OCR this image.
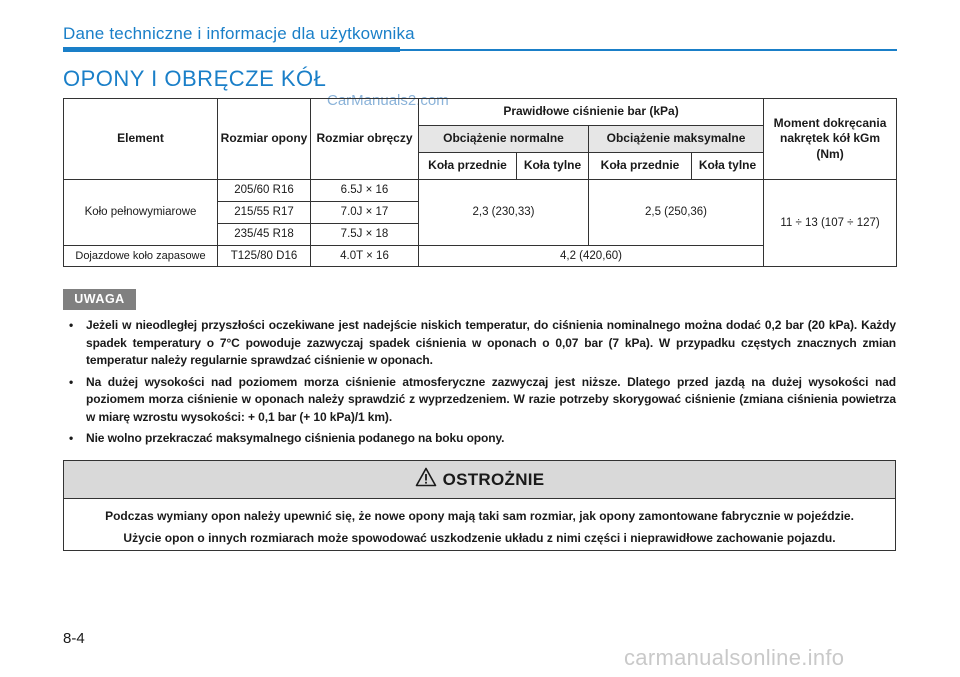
Dane techniczne i informacje dla użytkownika
OPONY I OBRĘCZE KÓŁ
CarManuals2.com
Element	Rozmiar opony	Rozmiar obręczy	Prawidłowe ciśnienie bar (kPa)				Moment dokręcania nakrętek kół kGm (Nm)
			Obciążenie normalne		Obciążenie maksymalne		
			Koła przednie	Koła tylne	Koła przednie	Koła tylne	
Koło pełnowymiarowe	205/60 R16	6.5J × 16	2,3 (230,33)		2,5 (250,36)		11 ÷ 13 (107 ÷ 127)
	215/55 R17	7.0J × 17					
	235/45 R18	7.5J × 18					
Dojazdowe koło zapasowe	T125/80 D16	4.0T × 16	4,2 (420,60)				
UWAGA
• Jeżeli w nieodległej przyszłości oczekiwane jest nadejście niskich temperatur, do ciśnienia nominalnego można dodać 0,2 bar (20 kPa). Każdy spadek temperatury o 7°C powoduje zazwyczaj spadek ciśnienia w oponach o 0,07 bar (7 kPa). W przypadku częstych znacznych zmian temperatur należy regularnie sprawdzać ciśnienie w oponach.
• Na dużej wysokości nad poziomem morza ciśnienie atmosferyczne zazwyczaj jest niższe. Dlatego przed jazdą na dużej wysokości nad poziomem morza ciśnienie w oponach należy sprawdzić z wyprzedzeniem. W razie potrzeby skorygować ciśnienie (zmiana ciśnienia powietrza w miarę wzrostu wysokości: + 0,1 bar (+ 10 kPa)/1 km).
• Nie wolno przekraczać maksymalnego ciśnienia podanego na boku opony.
OSTROŻNIE
Podczas wymiany opon należy upewnić się, że nowe opony mają taki sam rozmiar, jak opony zamontowane fabrycznie w pojeździe.
Użycie opon o innych rozmiarach może spowodować uszkodzenie układu z nimi części i nieprawidłowe zachowanie pojazdu.
8-4
carmanualsonline.info
